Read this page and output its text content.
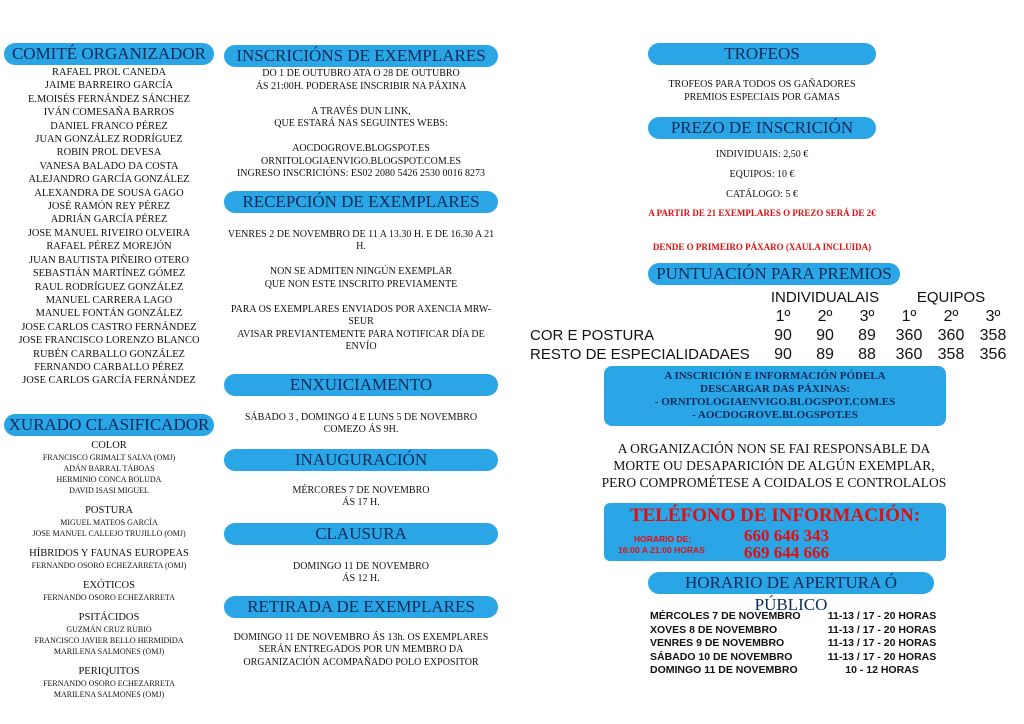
COMITÉ ORGANIZADOR
RAFAEL PROL CANEDA
JAIME BARREIRO GARCÍA
E.MOISÉS FERNÁNDEZ SÁNCHEZ
IVÁN COMESAÑA BARROS
DANIEL FRANCO PÉREZ
JUAN GONZÁLEZ RODRÍGUEZ
ROBIN PROL DEVESA
VANESA BALADO DA COSTA
ALEJANDRO GARCÍA GONZÁLEZ
ALEXANDRA DE SOUSA GAGO
JOSÉ RAMÓN REY PÉREZ
ADRIÁN GARCÍA PÉREZ
JOSE MANUEL RIVEIRO OLVEIRA
RAFAEL PÉREZ MOREJÓN
JUAN BAUTISTA PIÑEIRO OTERO
SEBASTIÁN MARTÍNEZ GÓMEZ
RAUL RODRÍGUEZ GONZÁLEZ
MANUEL CARRERA LAGO
MANUEL FONTÁN GONZÁLEZ
JOSE CARLOS CASTRO FERNÁNDEZ
JOSE FRANCISCO LORENZO BLANCO
RUBÉN CARBALLO GONZÁLEZ
FERNANDO CARBALLO PÉREZ
JOSE CARLOS GARCÍA FERNÁNDEZ
XURADO CLASIFICADOR
COLOR
FRANCISCO GRIMALT SALVA (OMJ)
ADÁN BARRAL TÁBOAS
HERMINIO CONCA BOLUDA
DAVID ISASI MIGUEL
POSTURA
MIGUEL MATEOS GARCÍA
JOSE MANUEL CALLEJO TRUJILLO (OMJ)
HÍBRIDOS Y FAUNAS EUROPEAS
FERNANDO OSORO ECHEZARRETA (OMJ)
EXÓTICOS
FERNANDO OSORO ECHEZARRETA
PSITÁCIDOS
GUZMÁN CRUZ RUBIO
FRANCISCO JAVIER BELLO HERMIDIDA
MARILENA SALMONES (OMJ)
PERIQUITOS
FERNANDO OSORO ECHEZARRETA
MARILENA SALMONES (OMJ)
INSCRICIÓNS DE EXEMPLARES
DO 1 DE OUTUBRO ATA O 28 DE OUTUBRO
ÁS 21:00H. PODERASE INSCRIBIR NA PÁXINA
A TRAVÉS DUN LINK,
QUE ESTARÁ NAS SEGUINTES WEBS:
AOCDOGROVE.BLOGSPOT.ES
ORNITOLOGIAENVIGO.BLOGSPOT.COM.ES
INGRESO INSCRICIÓNS: ES02 2080 5426 2530 0016 8273
RECEPCIÓN DE EXEMPLARES
VENRES 2 DE NOVEMBRO DE 11 A 13.30 H. E DE 16.30 A 21 H.
NON SE ADMITEN NINGÚN EXEMPLAR
QUE NON ESTE INSCRITO PREVIAMENTE
PARA OS EXEMPLARES ENVIADOS POR AXENCIA MRW-SEUR
AVISAR PREVIANTEMENTE PARA NOTIFICAR DÍA DE ENVÍO
ENXUICIAMENTO
SÁBADO 3 , DOMINGO 4 E LUNS 5 DE NOVEMBRO
COMEZO ÁS 9H.
INAUGURACIÓN
MÉRCORES 7 DE NOVEMBRO
ÁS 17 H.
CLAUSURA
DOMINGO 11 DE NOVEMBRO
ÁS 12 H.
RETIRADA DE EXEMPLARES
DOMINGO 11 DE NOVEMBRO ÁS 13h. OS EXEMPLARES
SERÁN ENTREGADOS POR UN MEMBRO DA
ORGANIZACIÓN ACOMPAÑADO POLO EXPOSITOR
TROFEOS
TROFEOS PARA TODOS OS GAÑADORES
PREMIOS ESPECIAIS POR GAMAS
PREZO DE INSCRICIÓN
INDIVIDUAIS: 2,50 €
EQUIPOS: 10 €
CATÁLOGO: 5 €
A PARTIR DE 21 EXEMPLARES O PREZO SERÁ DE 2€
DENDE O PRIMEIRO PÁXARO (XAULA INCLUIDA)
PUNTUACIÓN PARA PREMIOS
	INDIVIDUALAIS			EQUIPOS		
	1º	2º	3º	1º	2º	3º
COR E POSTURA	90	90	89	360	360	358
RESTO DE ESPECIALIDADAES	90	89	88	360	358	356
A INSCRICIÓN E INFORMACIÓN PÓDELA
DESCARGAR DAS PÁXINAS:
- ORNITOLOGIAENVIGO.BLOGSPOT.COM.ES
- AOCDOGROVE.BLOGSPOT.ES
A ORGANIZACIÓN NON SE FAI RESPONSABLE DA
MORTE OU DESAPARICIÓN DE ALGÚN EXEMPLAR,
PERO COMPROMÉTESE A COIDALOS E CONTROLALOS
TELÉFONO DE INFORMACIÓN:
HORARIO DE:
16:00 A 21:00 HORAS
660 646 343
669 644 666
HORARIO DE APERTURA Ó PÚBLICO
MÉRCOLES 7 DE NOVEMBRO	11-13 / 17 - 20 HORAS
XOVES 8 DE NOVEMBRO	11-13 / 17 - 20 HORAS
VENRES 9 DE NOVEMBRO	11-13 / 17 - 20 HORAS
SÁBADO 10 DE NOVEMBRO	11-13 / 17 - 20 HORAS
DOMINGO 11 DE NOVEMBRO	10 - 12 HORAS
